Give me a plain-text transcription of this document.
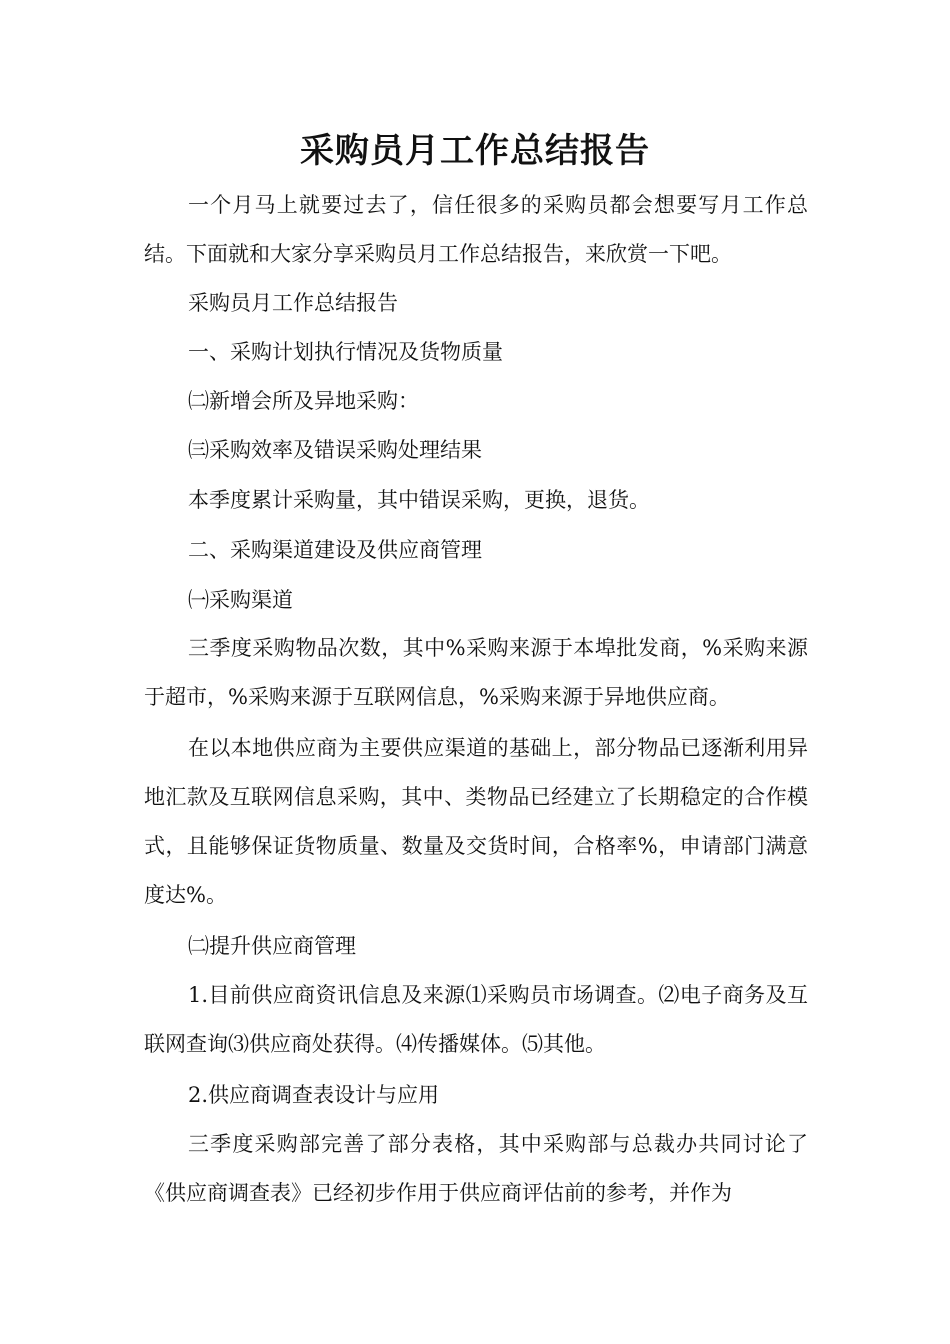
采购员月工作总结报告

一个月马上就要过去了，信任很多的采购员都会想要写月工作总结。下面就和大家分享采购员月工作总结报告，来欣赏一下吧。

采购员月工作总结报告

一、采购计划执行情况及货物质量

㈡新增会所及异地采购：

㈢采购效率及错误采购处理结果

本季度累计采购量，其中错误采购，更换，退货。

二、采购渠道建设及供应商管理

㈠采购渠道

三季度采购物品次数，其中%采购来源于本埠批发商，%采购来源于超市，%采购来源于互联网信息，%采购来源于异地供应商。

在以本地供应商为主要供应渠道的基础上，部分物品已逐渐利用异地汇款及互联网信息采购，其中、类物品已经建立了长期稳定的合作模式，且能够保证货物质量、数量及交货时间，合格率%，申请部门满意度达%。

㈡提升供应商管理

1.目前供应商资讯信息及来源⑴采购员市场调查。⑵电子商务及互联网查询⑶供应商处获得。⑷传播媒体。⑸其他。

2.供应商调查表设计与应用

三季度采购部完善了部分表格，其中采购部与总裁办共同讨论了《供应商调查表》已经初步作用于供应商评估前的参考，并作为
